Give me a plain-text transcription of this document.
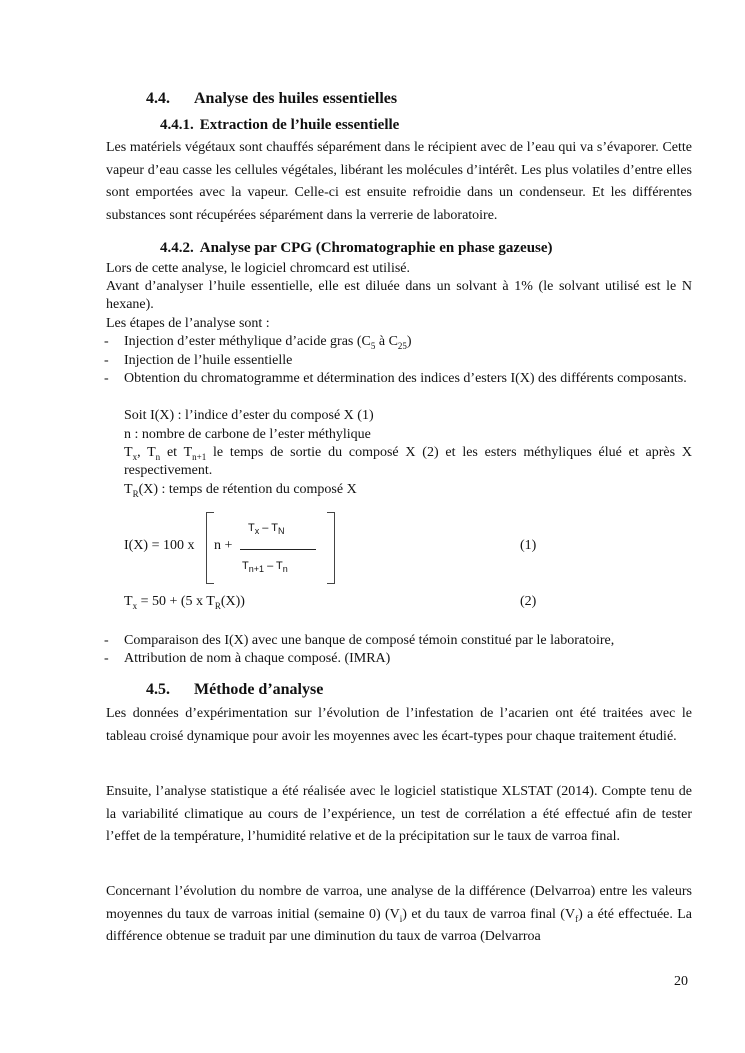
4.4. Analyse des huiles essentielles
4.4.1. Extraction de l’huile essentielle
Les matériels végétaux sont chauffés séparément dans le récipient avec de l’eau qui va s’évaporer. Cette vapeur d’eau casse les cellules végétales, libérant les molécules d’intérêt. Les plus volatiles d’entre elles sont emportées avec la vapeur. Celle-ci est ensuite refroidie dans un condenseur. Et les différentes substances sont récupérées séparément dans la verrerie de laboratoire.
4.4.2. Analyse par CPG (Chromatographie en phase gazeuse)
Lors de cette analyse, le logiciel chromcard est utilisé.
Avant d’analyser l’huile essentielle, elle est diluée dans un solvant à 1% (le solvant utilisé est le N hexane).
Les étapes de l’analyse sont :
- Injection d’ester méthylique d’acide gras ($C_5$ à $C_{25}$)
- Injection de l’huile essentielle
- Obtention du chromatogramme et détermination des indices d’esters I(X) des différents composants.
Soit I(X) : l’indice d’ester du composé X (1)
n : nombre de carbone de l’ester méthylique
$T_x$, $T_n$ et $T_{n+1}$ le temps de sortie du composé X (2) et les esters méthyliques élué et après X respectivement.
$T_R(X)$ : temps de rétention du composé X
I(X) = 100 x n +
$T_x - T_N$
$T_{n+1} - T_n$
(1)
$T_x = 50 + (5$ x $T_R(X)$)	(2)
- Comparaison des I(X) avec une banque de composé témoin constitué par le laboratoire,
- Attribution de nom à chaque composé. (IMRA)
4.5. Méthode d’analyse
Les données d’expérimentation sur l’évolution de l’infestation de l’acarien ont été traitées avec le tableau croisé dynamique pour avoir les moyennes avec les écart-types pour chaque traitement étudié.
Ensuite, l’analyse statistique a été réalisée avec le logiciel statistique XLSTAT (2014). Compte tenu de la variabilité climatique au cours de l’expérience, un test de corrélation a été effectué afin de tester l’effet de la température, l’humidité relative et de la précipitation sur le taux de varroa final.
Concernant l’évolution du nombre de varroa, une analyse de la différence (Delvarroa) entre les valeurs moyennes du taux de varroas initial (semaine 0) $(V_i)$ et du taux de varroa final $(V_f)$ a été effectuée. La différence obtenue se traduit par une diminution du taux de varroa (Delvarroa
20
